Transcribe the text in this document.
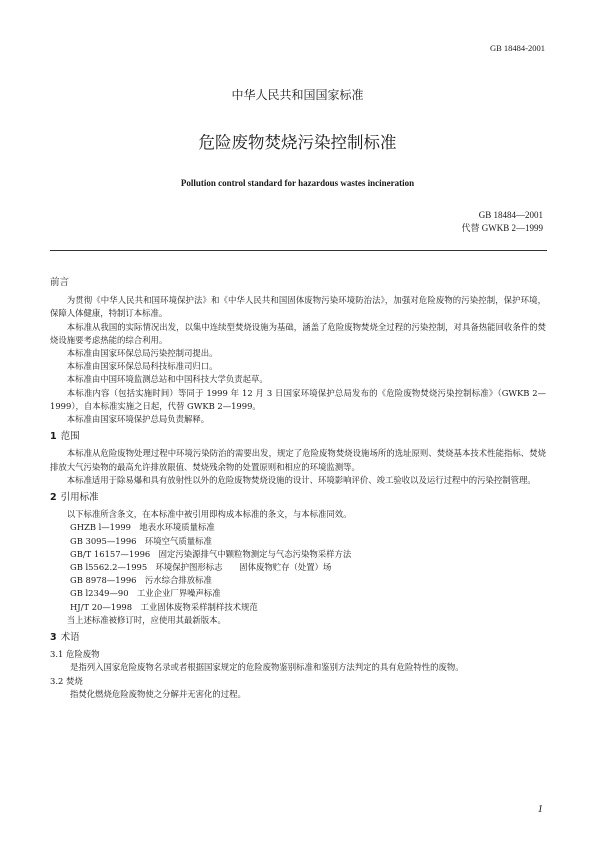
GB 18484-2001
中华人民共和国国家标准
危险废物焚烧污染控制标准
Pollution control standard for hazardous wastes incineration
GB 18484—2001
代替 GWKB 2—1999
前言

为贯彻《中华人民共和国环境保护法》和《中华人民共和国固体废物污染环境防治法》，加强对危险废物的污染控制，保护环境，保障人体健康，特制订本标准。

本标准从我国的实际情况出发，以集中连续型焚烧设施为基础，涵盖了危险废物焚烧全过程的污染控制，对具备热能回收条件的焚烧设施要考虑热能的综合利用。

本标准由国家环保总局污染控制司提出。

本标准由国家环保总局科技标准司归口。

本标准由中国环境监测总站和中国科技大学负责起草。

本标准内容（包括实施时间）等同于 1999 年 12 月 3 日国家环境保护总局发布的《危险废物焚烧污染控制标准》（GWKB 2—1999），自本标准实施之日起，代替 GWKB 2—1999。

本标准由国家环境保护总局负责解释。

1 范围

本标准从危险废物处理过程中环境污染防治的需要出发，规定了危险废物焚烧设施场所的选址原则、焚烧基本技术性能指标、焚烧排放大气污染物的最高允许排放限值、焚烧残余物的处置原则和相应的环境监测等。

本标准适用于除易爆和具有放射性以外的危险废物焚烧设施的设计、环境影响评价、竣工验收以及运行过程中的污染控制管理。

2 引用标准

以下标准所含条文，在本标准中被引用即构成本标准的条文，与本标准同效。

GHZB l—1999　地表水环境质量标准
GB 3095—1996　环境空气质量标准
GB/T 16157—1996　固定污染源排气中颗粒物测定与气态污染物采样方法
GB l5562.2—1995　环境保护图形标志　　固体废物贮存（处置）场
GB 8978—1996　污水综合排放标准
GB l2349—90　工业企业厂界噪声标准
HJ/T 20—1998　工业固体废物采样制样技术规范

当上述标准被修订时，应使用其最新版本。

3 术语
3.1 危险废物
是指列入国家危险废物名录或者根据国家规定的危险废物鉴别标准和鉴别方法判定的具有危险特性的废物。
3.2 焚烧
指焚化燃烧危险废物使之分解并无害化的过程。
1
